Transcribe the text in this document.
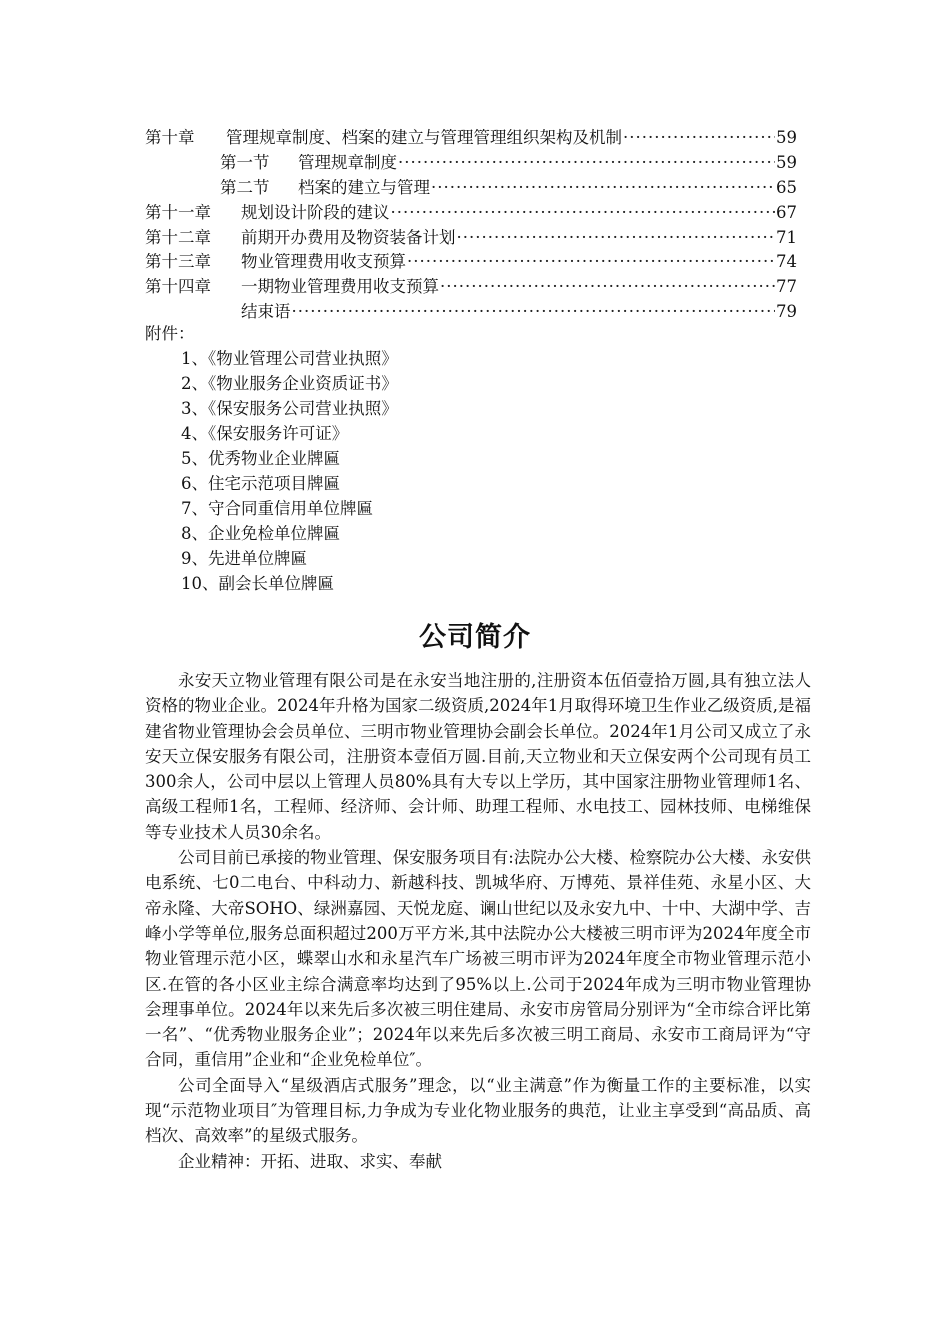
第十章 管理规章制度、档案的建立与管理管理组织架构及机制 ·····	59
第一节 管理规章制度 ·····	59
第二节 档案的建立与管理 ·····	65
第十一章 规划设计阶段的建议 ·····	67
第十二章 前期开办费用及物资装备计划 ·····	71
第十三章 物业管理费用收支预算 ·····	74
第十四章 一期物业管理费用收支预算 ·····	77
结束语 ·····	79
附件：
1、《物业管理公司营业执照》
2、《物业服务企业资质证书》
3、《保安服务公司营业执照》
4、《保安服务许可证》
5、优秀物业企业牌匾
6、住宅示范项目牌匾
7、守合同重信用单位牌匾
8、企业免检单位牌匾
9、先进单位牌匾
10、副会长单位牌匾
公司简介

永安天立物业管理有限公司是在永安当地注册的,注册资本伍佰壹拾万圆,具有独立法人资格的物业企业。2024年升格为国家二级资质,2024年1月取得环境卫生作业乙级资质,是福建省物业管理协会会员单位、三明市物业管理协会副会长单位。2024年1月公司又成立了永安天立保安服务有限公司，注册资本壹佰万圆.目前,天立物业和天立保安两个公司现有员工300余人，公司中层以上管理人员80%具有大专以上学历，其中国家注册物业管理师1名、高级工程师1名，工程师、经济师、会计师、助理工程师、水电技工、园林技师、电梯维保等专业技术人员30余名。

公司目前已承接的物业管理、保安服务项目有:法院办公大楼、检察院办公大楼、永安供电系统、七0二电台、中科动力、新越科技、凯城华府、万博苑、景祥佳苑、永星小区、大帝永隆、大帝SOHO、绿洲嘉园、天悦龙庭、谰山世纪以及永安九中、十中、大湖中学、吉峰小学等单位,服务总面积超过200万平方米,其中法院办公大楼被三明市评为2024年度全市物业管理示范小区，蝶翠山水和永星汽车广场被三明市评为2024年度全市物业管理示范小区.在管的各小区业主综合满意率均达到了95%以上.公司于2024年成为三明市物业管理协会理事单位。2024年以来先后多次被三明住建局、永安市房管局分别评为“全市综合评比第一名”、“优秀物业服务企业”；2024年以来先后多次被三明工商局、永安市工商局评为“守合同，重信用”企业和“企业免检单位″。

公司全面导入“星级酒店式服务”理念，以“业主满意”作为衡量工作的主要标准，以实现“示范物业项目″为管理目标,力争成为专业化物业服务的典范，让业主享受到“高品质、高档次、高效率”的星级式服务。

企业精神：开拓、进取、求实、奉献
